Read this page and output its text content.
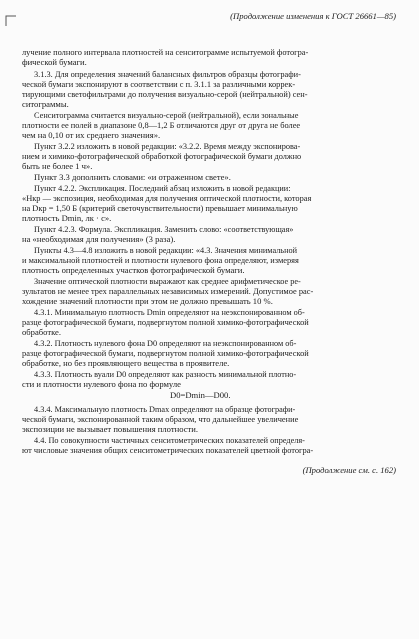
(Продолжение изменения к ГОСТ 26661—85)
лучение полного интервала плотностей на сенситограмме испытуемой фотогра-
фической бумаги.
3.1.3. Для определения значений балансных фильтров образцы фотографи-
ческой бумаги экспонируют в соответствии с п. 3.1.1 за различными коррек-
тирующими светофильтрами до получения визуально-серой (нейтральной) сен-
ситограммы.
Сенситограмма считается визуально-серой (нейтральной), если зональные
плотности ее полей в диапазоне 0,8—1,2 Б отличаются друг от друга не более
чем на 0,10 от их среднего значения».
Пункт 3.2.2 изложить в новой редакции: «3.2.2. Время между экспонирова-
нием и химико-фотографической обработкой фотографической бумаги должно
быть не более 1 ч».
Пункт 3.3 дополнить словами: «и отраженном свете».
Пункт 4.2.2. Экспликация. Последний абзац изложить в новой редакции:
«Hкр — экспозиция, необходимая для получения оптической плотности, которая
на Dкр = 1,50 Б (критерий светочувствительности) превышает минимальную
плотность Dmin, лк · с».
Пункт 4.2.3. Формула. Экспликация. Заменить слово: «соответствующая»
на «необходимая для получения» (3 раза).
Пункты 4.3—4.8 изложить в новой редакции: «4.3. Значения минимальной
и максимальной плотностей и плотности нулевого фона определяют, измеряя
плотность определенных участков фотографической бумаги.
Значение оптической плотности выражают как среднее арифметическое ре-
зультатов не менее трех параллельных независимых измерений. Допустимое рас-
хождение значений плотности при этом не должно превышать 10 %.
4.3.1. Минимальную плотность Dmin определяют на неэкспонированном об-
разце фотографической бумаги, подвергнутом полной химико-фотографической
обработке.
4.3.2. Плотность нулевого фона D0 определяют на неэкспонированном об-
разце фотографической бумаги, подвергнутом полной химико-фотографической
обработке, но без проявляющего вещества в проявителе.
4.3.3. Плотность вуали D0 определяют как разность минимальной плотно-
сти и плотности нулевого фона по формуле
D0=Dmin—D00.
4.3.4. Максимальную плотность Dmax определяют на образце фотографи-
ческой бумаги, экспонированной таким образом, что дальнейшее увеличение
экспозиции не вызывает повышения плотности.
4.4. По совокупности частичных сенситометрических показателей определя-
ют числовые значения общих сенситометрических показателей цветной фотогра-
(Продолжение см. с. 162)
